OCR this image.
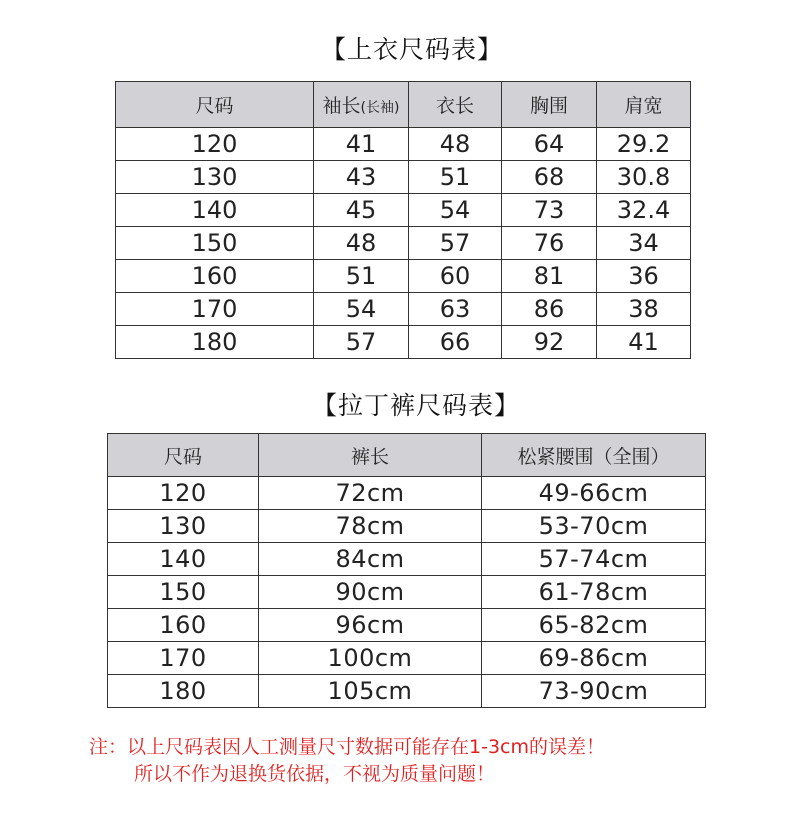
【上衣尺码表】
尺码	袖长(长袖)	衣长	胸围	肩宽
120	41	48	64	29.2
130	43	51	68	30.8
140	45	54	73	32.4
150	48	57	76	34
160	51	60	81	36
170	54	63	86	38
180	57	66	92	41
【拉丁裤尺码表】
尺码	裤长	松紧腰围（全围）
120	72cm	49-66cm
130	78cm	53-70cm
140	84cm	57-74cm
150	90cm	61-78cm
160	96cm	65-82cm
170	100cm	69-86cm
180	105cm	73-90cm
注：以上尺码表因人工测量尺寸数据可能存在1-3cm的误差！
所以不作为退换货依据，不视为质量问题！
